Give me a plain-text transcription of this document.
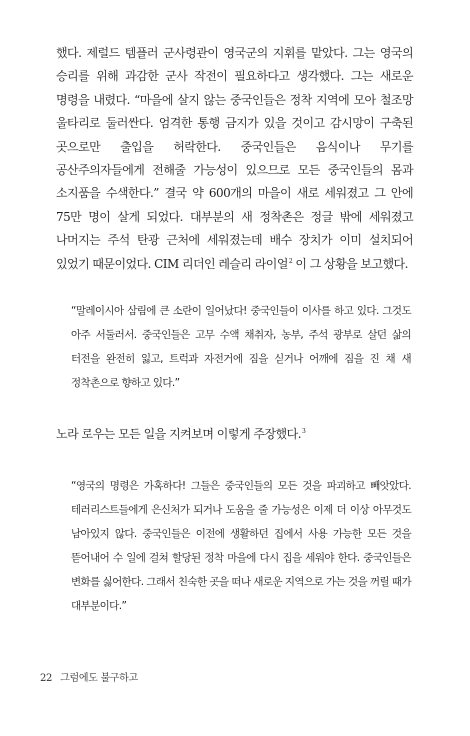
했다. 제럴드 템플러 군사령관이 영국군의 지휘를 맡았다. 그는 영국의 승리를 위해 과감한 군사 작전이 필요하다고 생각했다. 그는 새로운 명령을 내렸다. “마을에 살지 않는 중국인들은 정착 지역에 모아 철조망 울타리로 둘러싼다. 엄격한 통행 금지가 있을 것이고 감시망이 구축된 곳으로만 출입을 허락한다. 중국인들은 음식이나 무기를 공산주의자들에게 전해줄 가능성이 있으므로 모든 중국인들의 몸과 소지품을 수색한다.” 결국 약 600개의 마을이 새로 세워졌고 그 안에 75만 명이 살게 되었다. 대부분의 새 정착촌은 정글 밖에 세워졌고 나머지는 주석 탄광 근처에 세워졌는데 배수 장치가 이미 설치되어 있었기 때문이었다. CIM 리더인 레슬리 라이얼$^2$ 이 그 상황을 보고했다.

“말레이시아 삼림에 큰 소란이 일어났다! 중국인들이 이사를 하고 있다. 그것도 아주 서둘러서. 중국인들은 고무 수액 채취자, 농부, 주석 광부로 살던 삶의 터전을 완전히 잃고, 트럭과 자전거에 짐을 싣거나 어깨에 짐을 진 채 새 정착촌으로 향하고 있다.”

노라 로우는 모든 일을 지켜보며 이렇게 주장했다.$^3$

“영국의 명령은 가혹하다! 그들은 중국인들의 모든 것을 파괴하고 빼앗았다. 테러리스트들에게 은신처가 되거나 도움을 줄 가능성은 이제 더 이상 아무것도 남아있지 않다. 중국인들은 이전에 생활하던 집에서 사용 가능한 모든 것을 뜯어내어 수 일에 걸쳐 할당된 정착 마을에 다시 집을 세워야 한다. 중국인들은 변화를 싫어한다. 그래서 친숙한 곳을 떠나 새로운 지역으로 가는 것을 꺼릴 때가 대부분이다.”

22 그럼에도 불구하고
